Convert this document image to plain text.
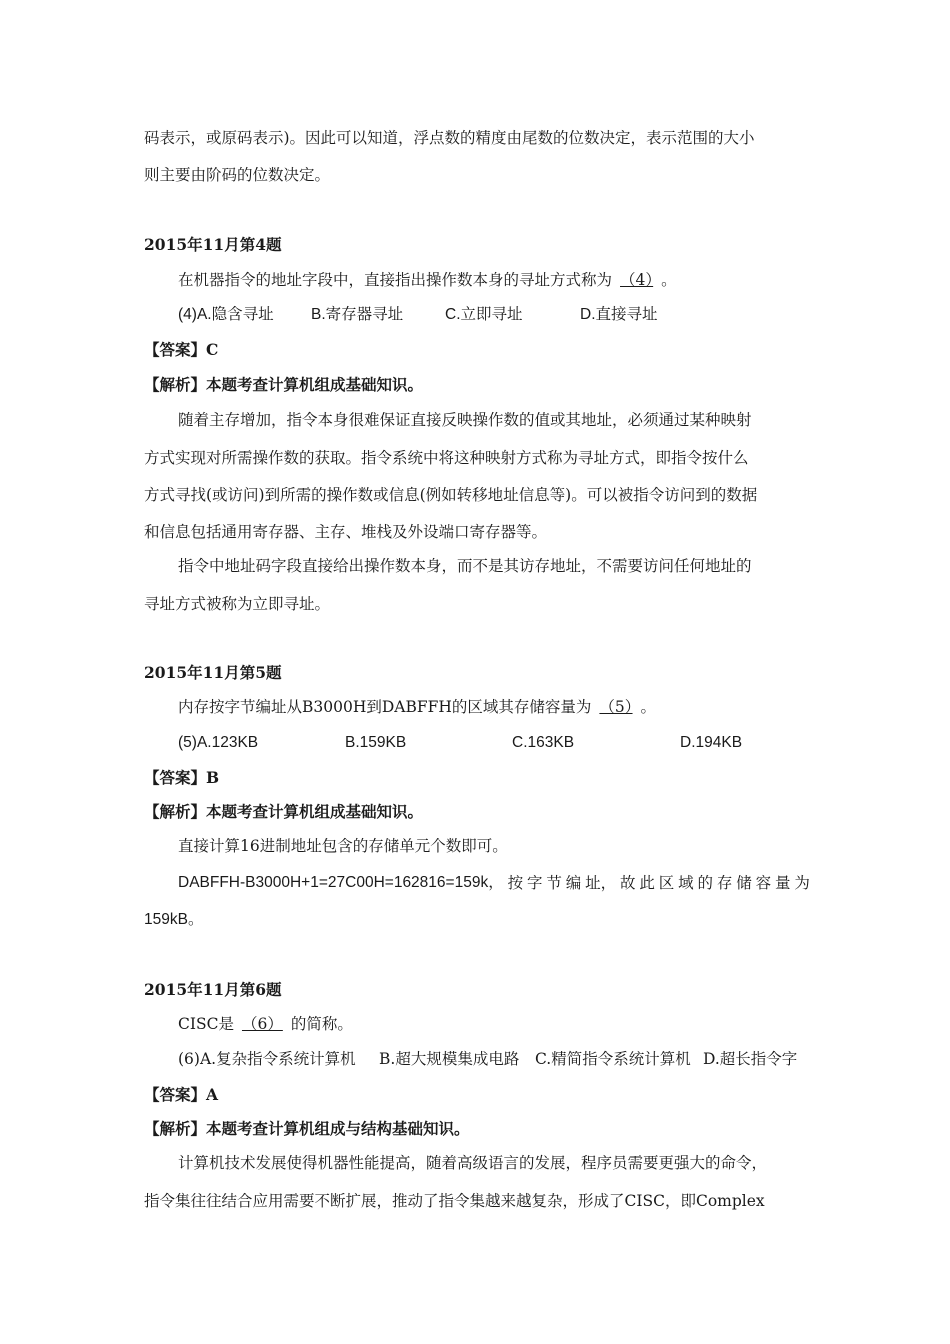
码表示，或原码表示)。因此可以知道，浮点数的精度由尾数的位数决定，表示范围的大小
则主要由阶码的位数决定。
2015年11月第4题
在机器指令的地址字段中，直接指出操作数本身的寻址方式称为 （4） 。
(4)A.隐含寻址	B.寄存器寻址	C.立即寻址	D.直接寻址
【答案】C
【解析】本题考查计算机组成基础知识。
随着主存增加，指令本身很难保证直接反映操作数的值或其地址，必须通过某种映射
方式实现对所需操作数的获取。指令系统中将这种映射方式称为寻址方式，即指令按什么
方式寻找(或访问)到所需的操作数或信息(例如转移地址信息等)。可以被指令访问到的数据
和信息包括通用寄存器、主存、堆栈及外设端口寄存器等。
指令中地址码字段直接给出操作数本身，而不是其访存地址，不需要访问任何地址的
寻址方式被称为立即寻址。
2015年11月第5题
内存按字节编址从B3000H到DABFFH的区域其存储容量为 （5） 。
(5)A.123KB	B.159KB	C.163KB	D.194KB
【答案】B
【解析】本题考查计算机组成基础知识。
直接计算16进制地址包含的存储单元个数即可。
DABFFH-B3000H+1=27C00H=162816=159k， 按 字 节 编 址， 故 此 区 域 的 存 储 容 量 为
159kB。
2015年11月第6题
CISC是 （6） 的简称。
(6)A.复杂指令系统计算机	B.超大规模集成电路	C.精简指令系统计算机 D.超长指令字
【答案】A
【解析】本题考查计算机组成与结构基础知识。
计算机技术发展使得机器性能提高，随着高级语言的发展，程序员需要更强大的命令，
指令集往往结合应用需要不断扩展，推动了指令集越来越复杂，形成了CISC，即Complex
